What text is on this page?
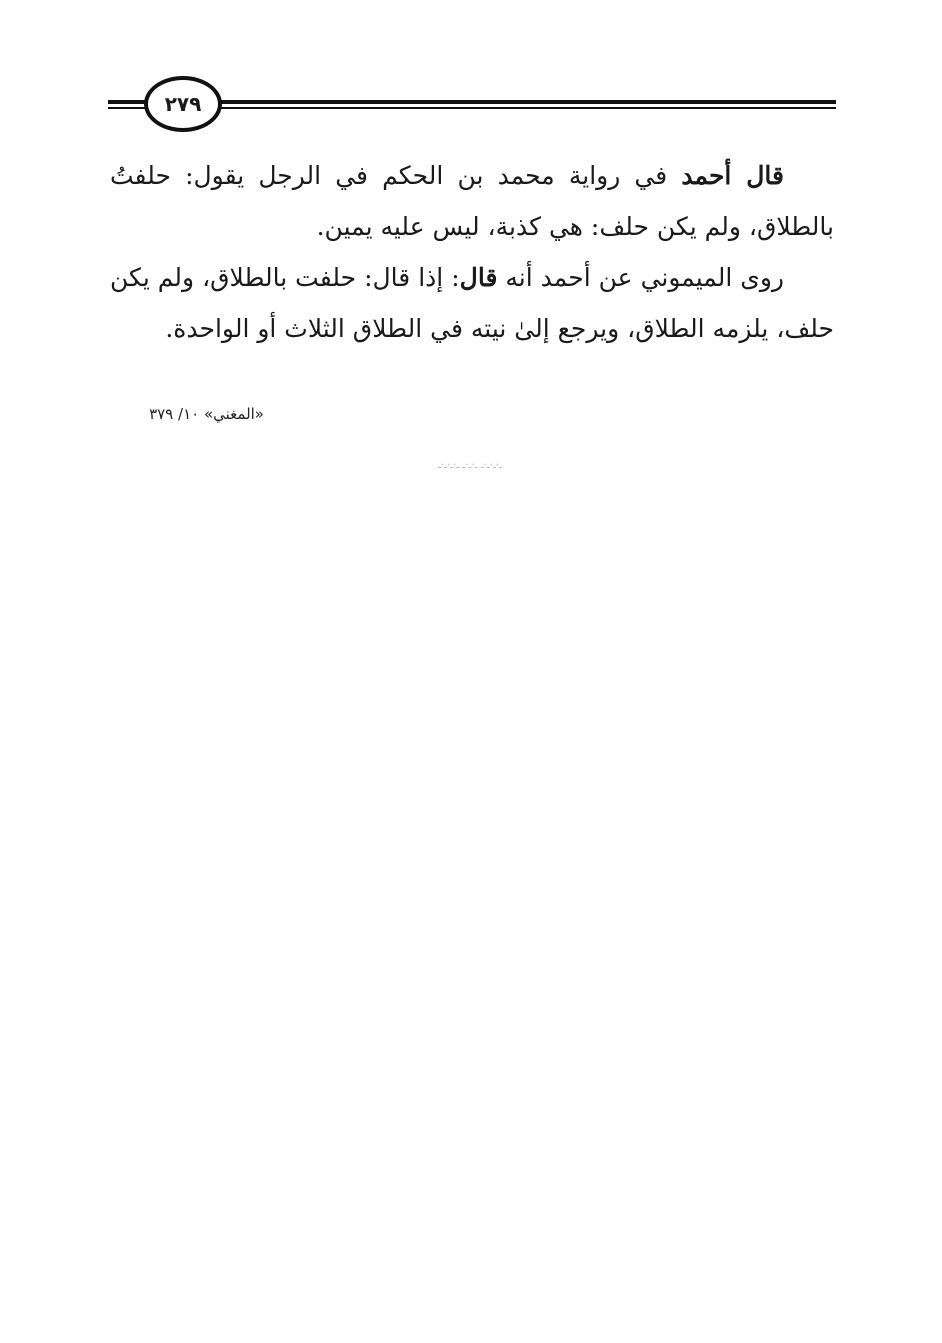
٢٧٩

قال أحمد في رواية محمد بن الحكم في الرجل يقول: حلفتُ بالطلاق، ولم يكن حلف: هي كذبة، ليس عليه يمين.

روى الميموني عن أحمد أنه قال: إذا قال: حلفت بالطلاق، ولم يكن حلف، يلزمه الطلاق، ويرجع إلىٰ نيته في الطلاق الثلاث أو الواحدة.

«المغني» ١٠/ ٣٧٩
ـ·ـ·ـ·ـ ـ·ـ·ـ ـ·ـ·ـ·ـ
